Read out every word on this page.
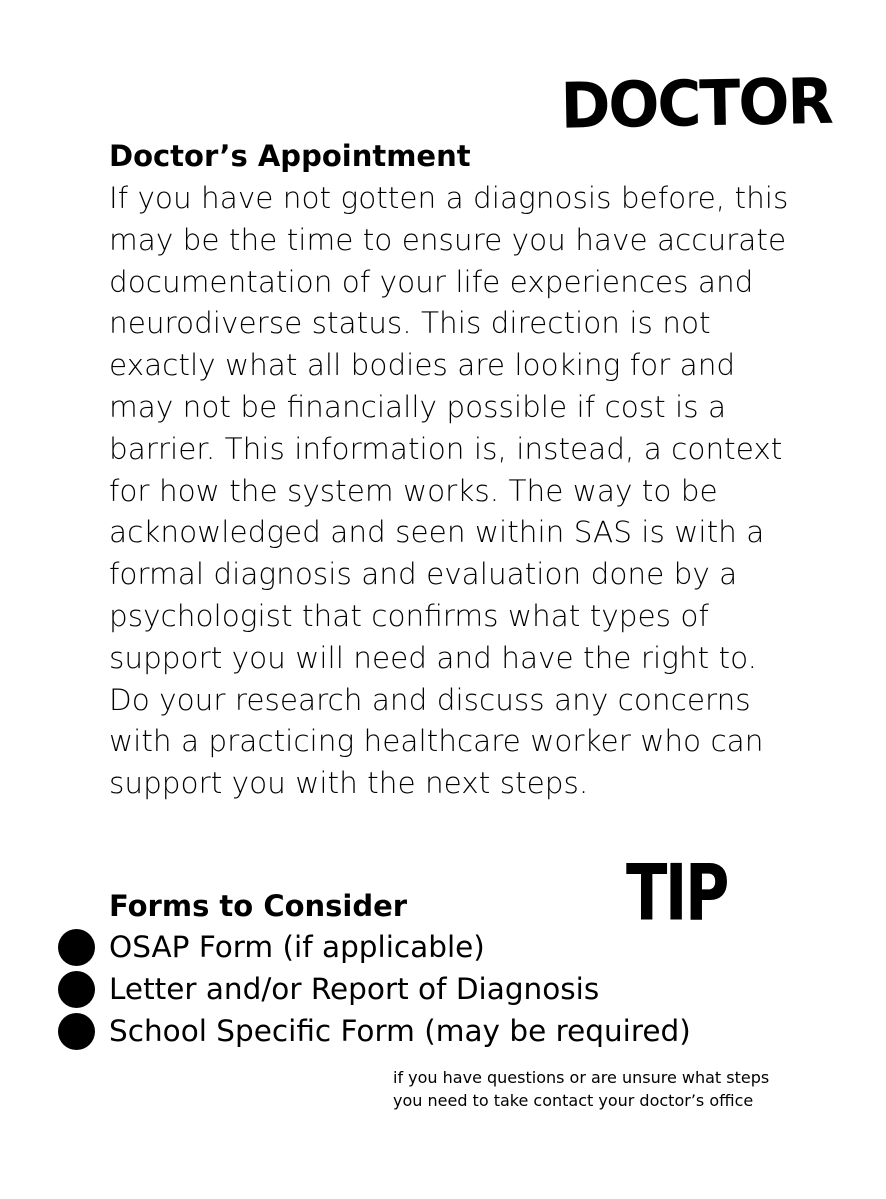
DOCTOR
Doctor’s Appointment
If you have not gotten a diagnosis before, this
may be the time to ensure you have accurate
documentation of your life experiences and
neurodiverse status. This direction is not
exactly what all bodies are looking for and
may not be financially possible if cost is a
barrier. This information is, instead, a context
for how the system works. The way to be
acknowledged and seen within SAS is with a
formal diagnosis and evaluation done by a
psychologist that confirms what types of
support you will need and have the right to.
Do your research and discuss any concerns
with a practicing healthcare worker who can
support you with the next steps.
TIP
Forms to Consider
OSAP Form (if applicable)
Letter and/or Report of Diagnosis
School Specific Form (may be required)
if you have questions or are unsure what steps
you need to take contact your doctor’s office
